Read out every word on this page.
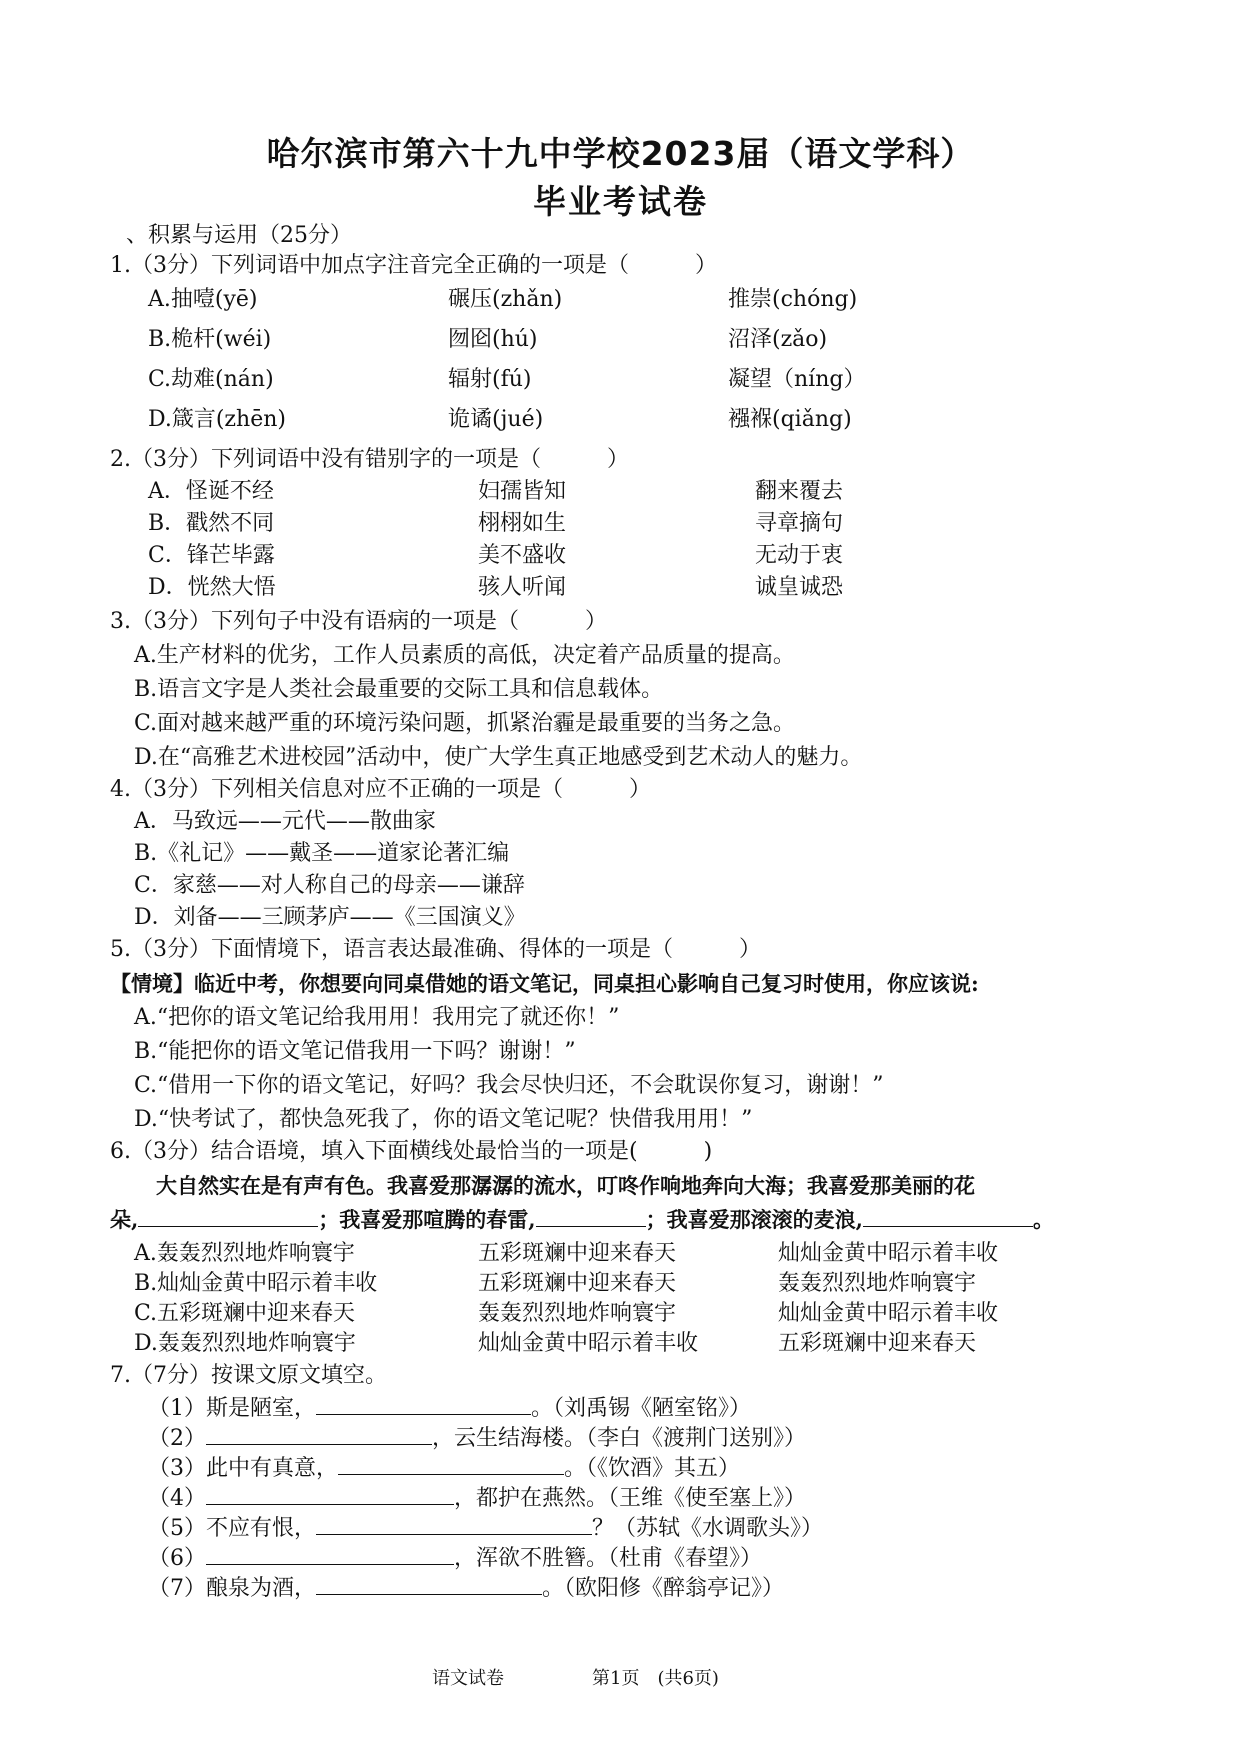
哈尔滨市第六十九中学校2023届（语文学科）
毕业考试卷
、积累与运用（25分）
1.（3分）下列词语中加点字注音完全正确的一项是（　　　）
A.抽噎(yē)	碾压(zhǎn)	推崇(chóng)
B.桅杆(wéi)	囫囵(hú)	沼泽(zǎo)
C.劫难(nán)	辐射(fú)	凝望（níng）
D.箴言(zhēn)	诡谲(jué)	襁褓(qiǎng)
2.（3分）下列词语中没有错别字的一项是（　　　）
A．怪诞不经	妇孺皆知	翻来覆去
B．戳然不同	栩栩如生	寻章摘句
C．锋芒毕露	美不盛收	无动于衷
D．恍然大悟	骇人听闻	诚皇诚恐
3.（3分）下列句子中没有语病的一项是（　　　）
A.生产材料的优劣，工作人员素质的高低，决定着产品质量的提高。
B.语言文字是人类社会最重要的交际工具和信息载体。
C.面对越来越严重的环境污染问题，抓紧治霾是最重要的当务之急。
D.在“高雅艺术进校园”活动中，使广大学生真正地感受到艺术动人的魅力。
4.（3分）下列相关信息对应不正确的一项是（　　　）
A．马致远——元代——散曲家
B.《礼记》——戴圣——道家论著汇编
C．家慈——对人称自己的母亲——谦辞
D．刘备——三顾茅庐——《三国演义》
5.（3分）下面情境下，语言表达最准确、得体的一项是（　　　）
【情境】临近中考，你想要向同桌借她的语文笔记，同桌担心影响自己复习时使用，你应该说:
A.“把你的语文笔记给我用用！我用完了就还你！”
B.“能把你的语文笔记借我用一下吗？谢谢！”
C.“借用一下你的语文笔记，好吗？我会尽快归还，不会耽误你复习，谢谢！”
D.“快考试了，都快急死我了，你的语文笔记呢？快借我用用！”
6.（3分）结合语境，填入下面横线处最恰当的一项是(　　　)
大自然实在是有声有色。我喜爱那潺潺的流水，叮咚作响地奔向大海；我喜爱那美丽的花
朵,	；我喜爱那喧腾的春雷,	；我喜爱那滚滚的麦浪,	。
A.轰轰烈烈地炸响寰宇	五彩斑斓中迎来春天	灿灿金黄中昭示着丰收
B.灿灿金黄中昭示着丰收	五彩斑斓中迎来春天	轰轰烈烈地炸响寰宇
C.五彩斑斓中迎来春天	轰轰烈烈地炸响寰宇	灿灿金黄中昭示着丰收
D.轰轰烈烈地炸响寰宇	灿灿金黄中昭示着丰收	五彩斑斓中迎来春天
7.（7分）按课文原文填空。
（1）斯是陋室，	。（刘禹锡《陋室铭》）
（2）	，云生结海楼。（李白《渡荆门送别》）
（3）此中有真意，	。（《饮酒》其五）
（4）	，都护在燕然。（王维《使至塞上》）
（5）不应有恨，	？（苏轼《水调歌头》）
（6）	，浑欲不胜簪。（杜甫《春望》）
（7）酿泉为酒，	。（欧阳修《醉翁亭记》）
语文试卷	第1页　(共6页)
